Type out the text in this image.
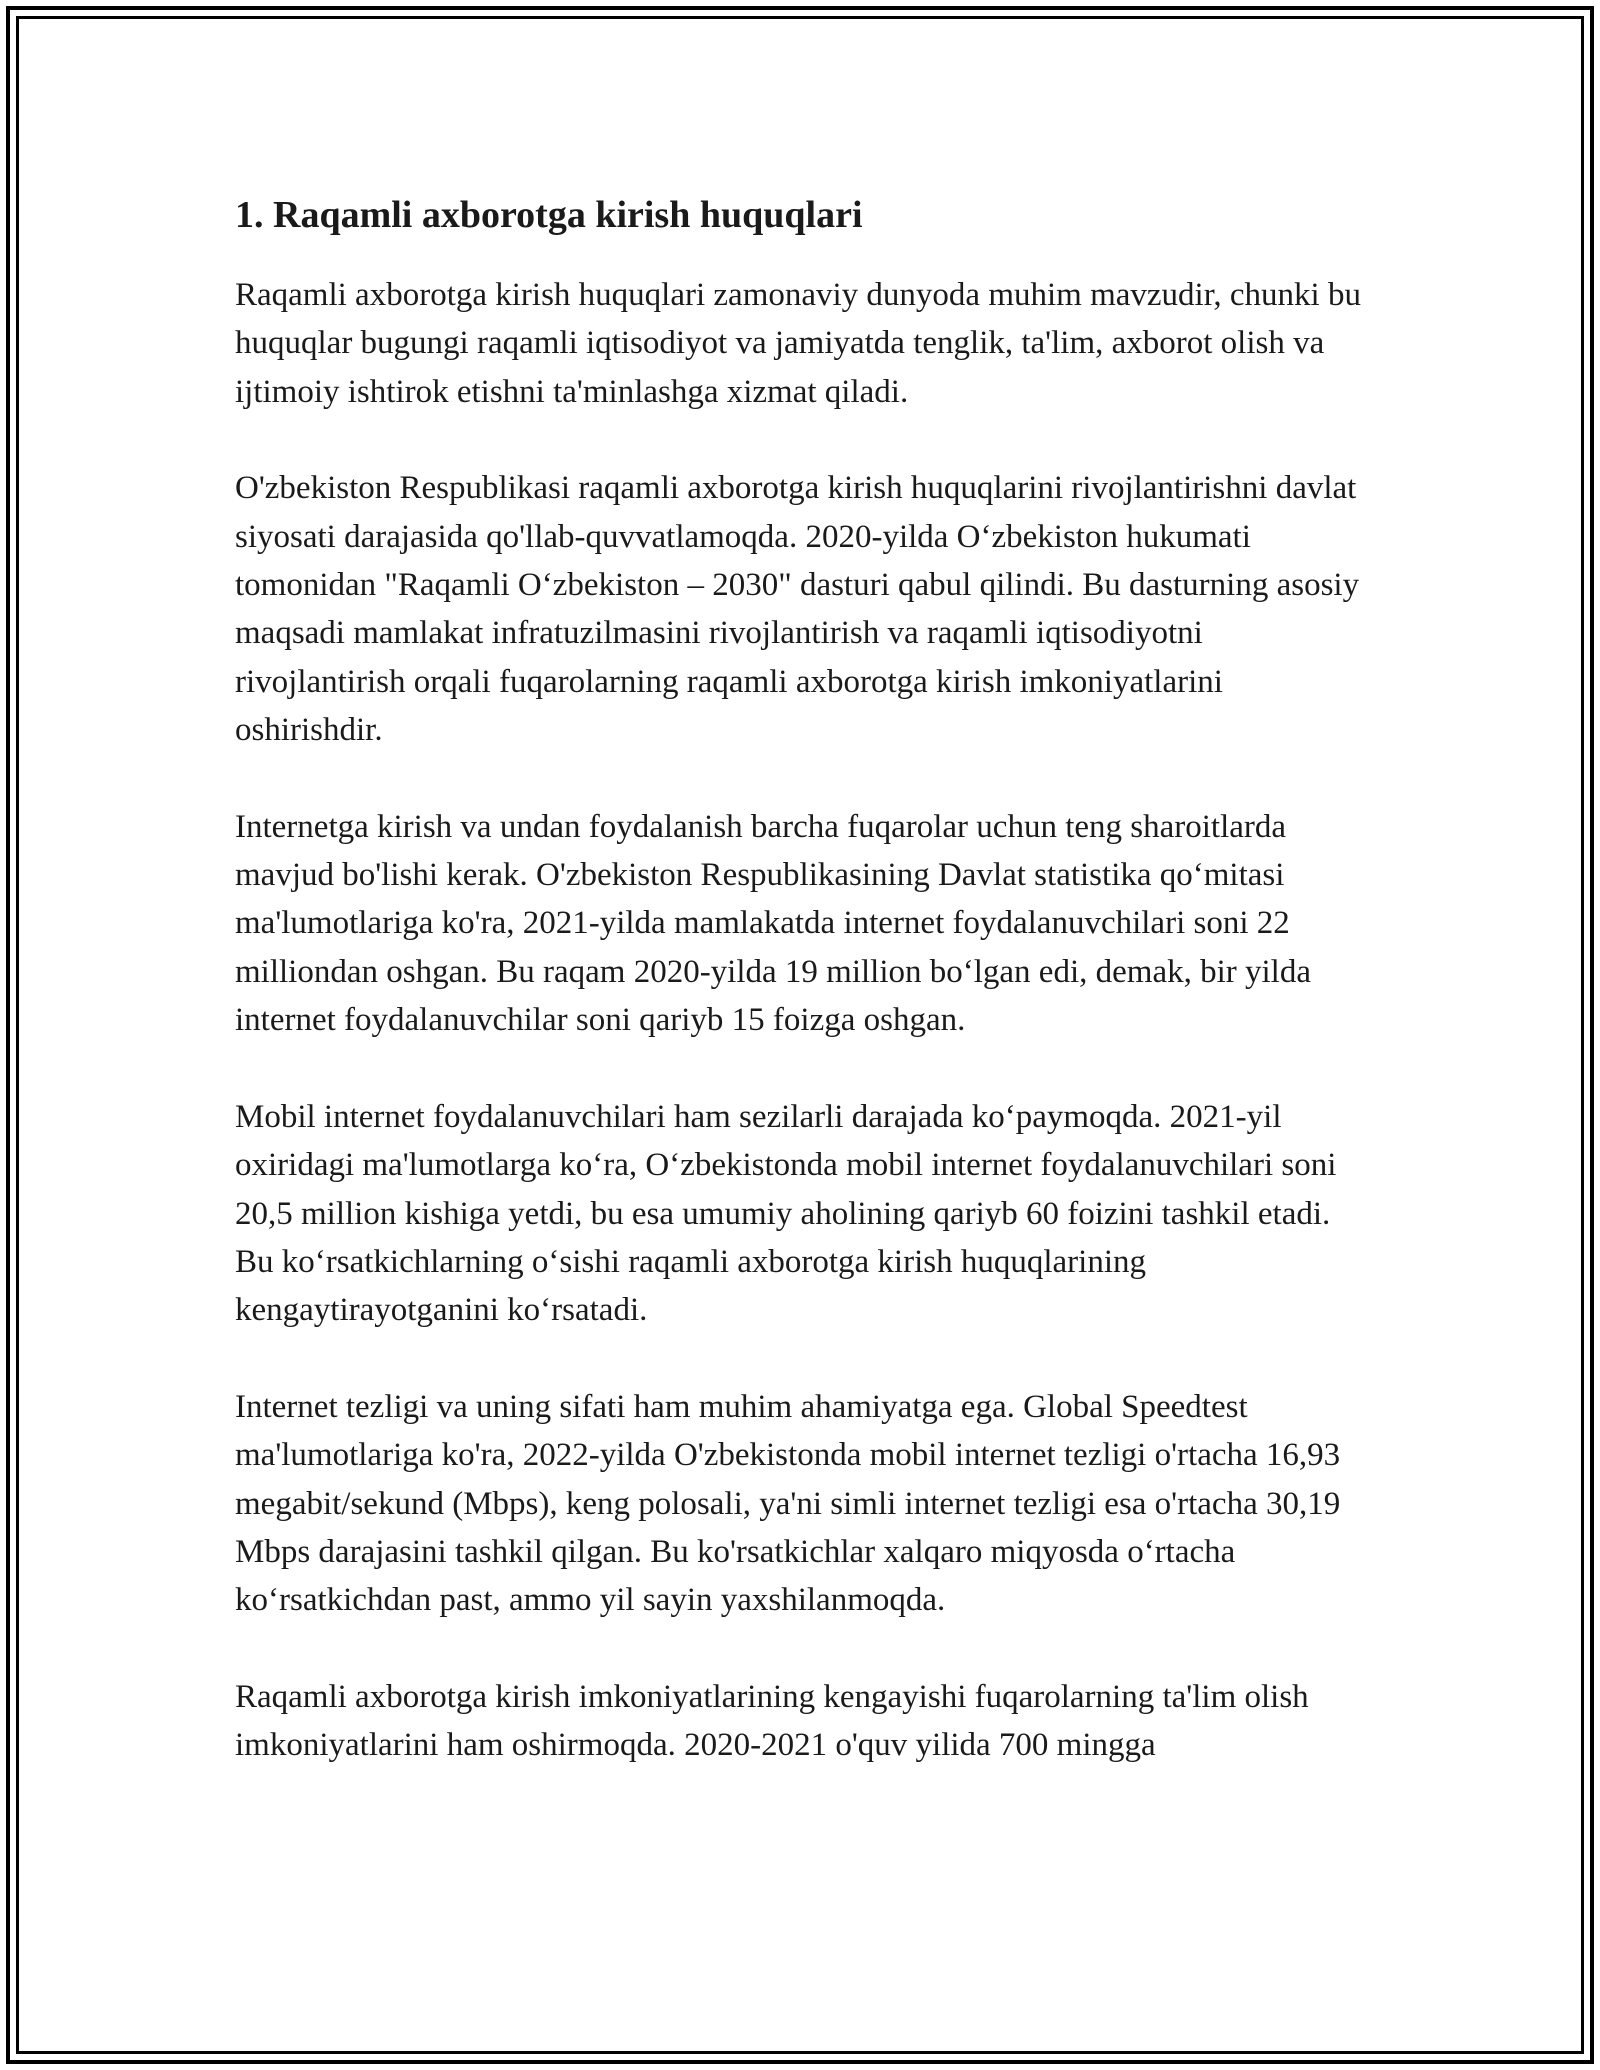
1. Raqamli axborotga kirish huquqlari

Raqamli axborotga kirish huquqlari zamonaviy dunyoda muhim mavzudir, chunki bu huquqlar bugungi raqamli iqtisodiyot va jamiyatda tenglik, ta'lim, axborot olish va ijtimoiy ishtirok etishni ta'minlashga xizmat qiladi.

O'zbekiston Respublikasi raqamli axborotga kirish huquqlarini rivojlantirishni davlat siyosati darajasida qo'llab-quvvatlamoqda. 2020-yilda O‘zbekiston hukumati tomonidan "Raqamli O‘zbekiston – 2030" dasturi qabul qilindi. Bu dasturning asosiy maqsadi mamlakat infratuzilmasini rivojlantirish va raqamli iqtisodiyotni rivojlantirish orqali fuqarolarning raqamli axborotga kirish imkoniyatlarini oshirishdir.

Internetga kirish va undan foydalanish barcha fuqarolar uchun teng sharoitlarda mavjud bo'lishi kerak. O'zbekiston Respublikasining Davlat statistika qo‘mitasi ma'lumotlariga ko'ra, 2021-yilda mamlakatda internet foydalanuvchilari soni 22 milliondan oshgan. Bu raqam 2020-yilda 19 million bo‘lgan edi, demak, bir yilda internet foydalanuvchilar soni qariyb 15 foizga oshgan.

Mobil internet foydalanuvchilari ham sezilarli darajada ko‘paymoqda. 2021-yil oxiridagi ma'lumotlarga ko‘ra, O‘zbekistonda mobil internet foydalanuvchilari soni 20,5 million kishiga yetdi, bu esa umumiy aholining qariyb 60 foizini tashkil etadi. Bu ko‘rsatkichlarning o‘sishi raqamli axborotga kirish huquqlarining kengaytirayotganini ko‘rsatadi.

Internet tezligi va uning sifati ham muhim ahamiyatga ega. Global Speedtest ma'lumotlariga ko'ra, 2022-yilda O'zbekistonda mobil internet tezligi o'rtacha 16,93 megabit/sekund (Mbps), keng polosali, ya'ni simli internet tezligi esa o'rtacha 30,19 Mbps darajasini tashkil qilgan. Bu ko'rsatkichlar xalqaro miqyosda o‘rtacha ko‘rsatkichdan past, ammo yil sayin yaxshilanmoqda.

Raqamli axborotga kirish imkoniyatlarining kengayishi fuqarolarning ta'lim olish imkoniyatlarini ham oshirmoqda. 2020-2021 o'quv yilida 700 mingga
